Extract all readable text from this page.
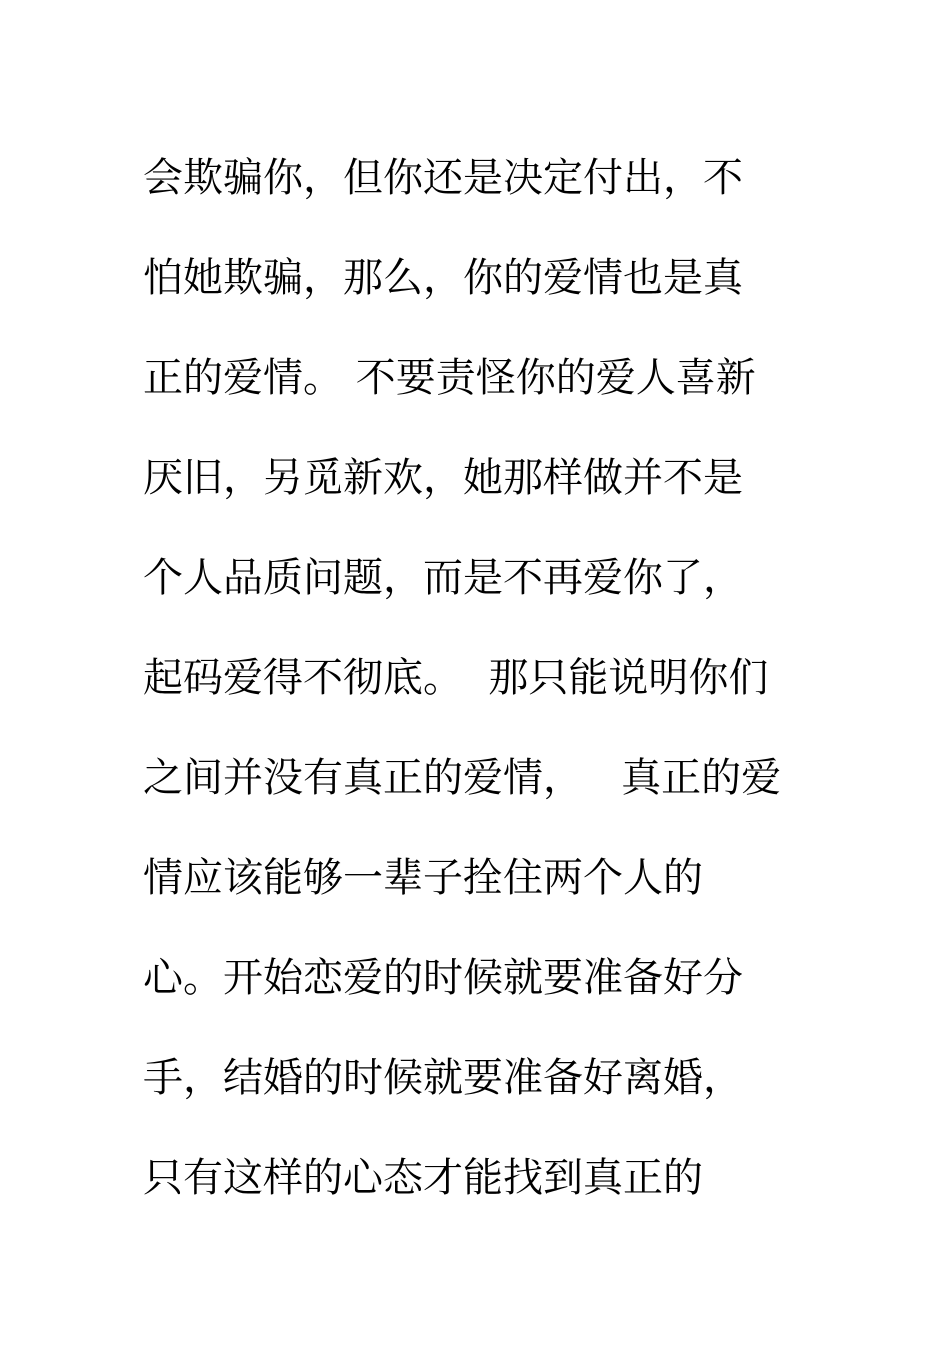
会欺骗你，但你还是决定付出，不
怕她欺骗，那么，你的爱情也是真
正的爱情。 不要责怪你的爱人喜新
厌旧，另觅新欢，她那样做并不是
个人品质问题，而是不再爱你了，
起码爱得不彻底。  那只能说明你们
之间并没有真正的爱情，   真正的爱
情应该能够一辈子拴住两个人的
心。开始恋爱的时候就要准备好分
手，结婚的时候就要准备好离婚，
只有这样的心态才能找到真正的
